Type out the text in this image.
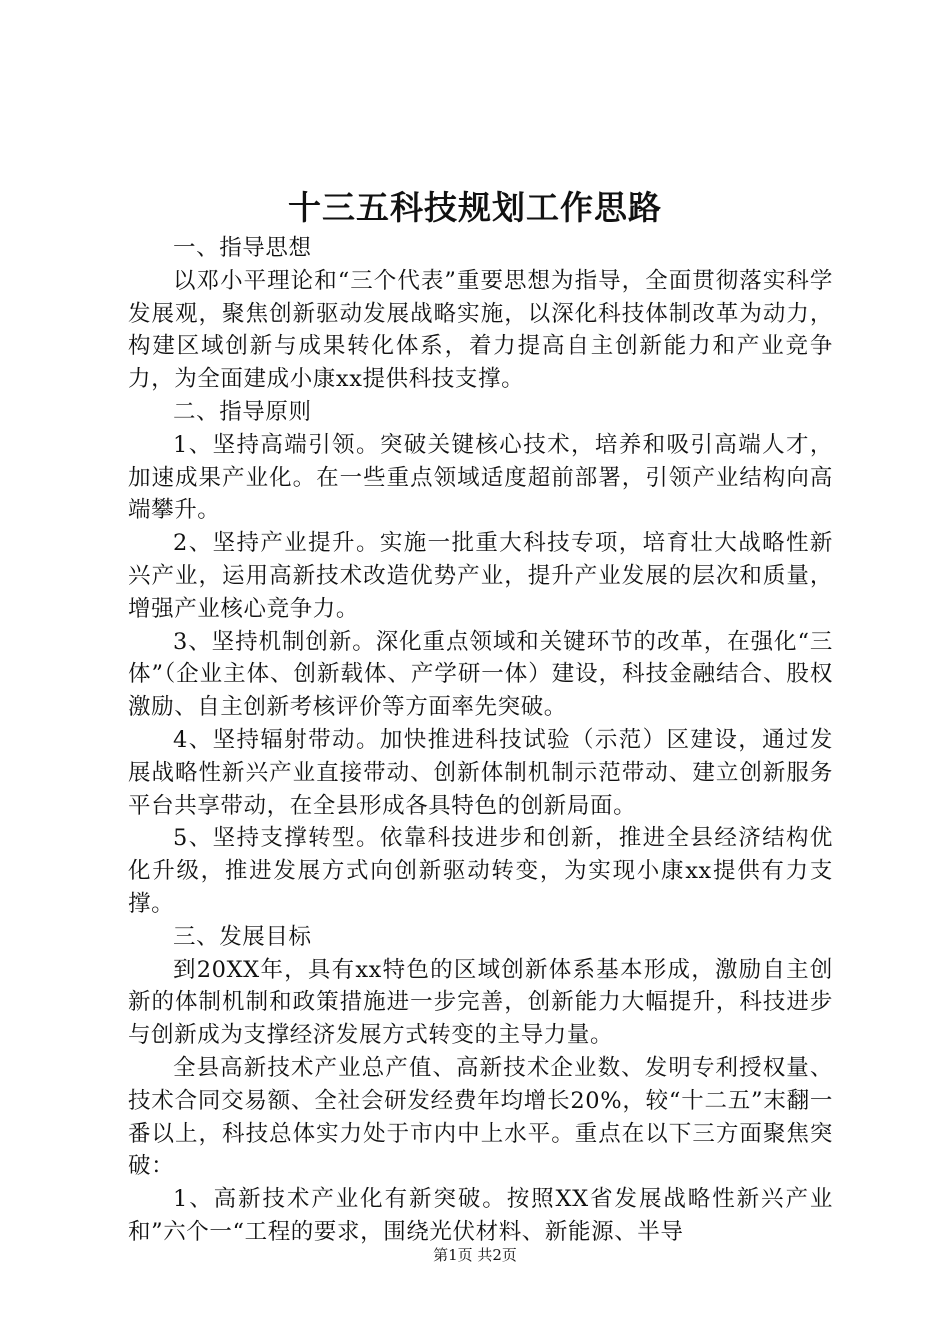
十三五科技规划工作思路

一、指导思想

以邓小平理论和“三个代表”重要思想为指导，全面贯彻落实科学发展观，聚焦创新驱动发展战略实施，以深化科技体制改革为动力，构建区域创新与成果转化体系，着力提高自主创新能力和产业竞争力，为全面建成小康xx提供科技支撑。

二、指导原则

1、坚持高端引领。突破关键核心技术，培养和吸引高端人才，加速成果产业化。在一些重点领域适度超前部署，引领产业结构向高端攀升。

2、坚持产业提升。实施一批重大科技专项，培育壮大战略性新兴产业，运用高新技术改造优势产业，提升产业发展的层次和质量，增强产业核心竞争力。

3、坚持机制创新。深化重点领域和关键环节的改革，在强化“三体”（企业主体、创新载体、产学研一体）建设，科技金融结合、股权激励、自主创新考核评价等方面率先突破。

4、坚持辐射带动。加快推进科技试验（示范）区建设，通过发展战略性新兴产业直接带动、创新体制机制示范带动、建立创新服务平台共享带动，在全县形成各具特色的创新局面。

5、坚持支撑转型。依靠科技进步和创新，推进全县经济结构优化升级，推进发展方式向创新驱动转变，为实现小康xx提供有力支撑。

三、发展目标

到20XX年，具有xx特色的区域创新体系基本形成，激励自主创新的体制机制和政策措施进一步完善，创新能力大幅提升，科技进步与创新成为支撑经济发展方式转变的主导力量。

全县高新技术产业总产值、高新技术企业数、发明专利授权量、技术合同交易额、全社会研发经费年均增长20%，较“十二五”末翻一番以上，科技总体实力处于市内中上水平。重点在以下三方面聚焦突破：

1、高新技术产业化有新突破。按照XX省发展战略性新兴产业和”六个一“工程的要求，围绕光伏材料、新能源、半导

第1页 共2页
